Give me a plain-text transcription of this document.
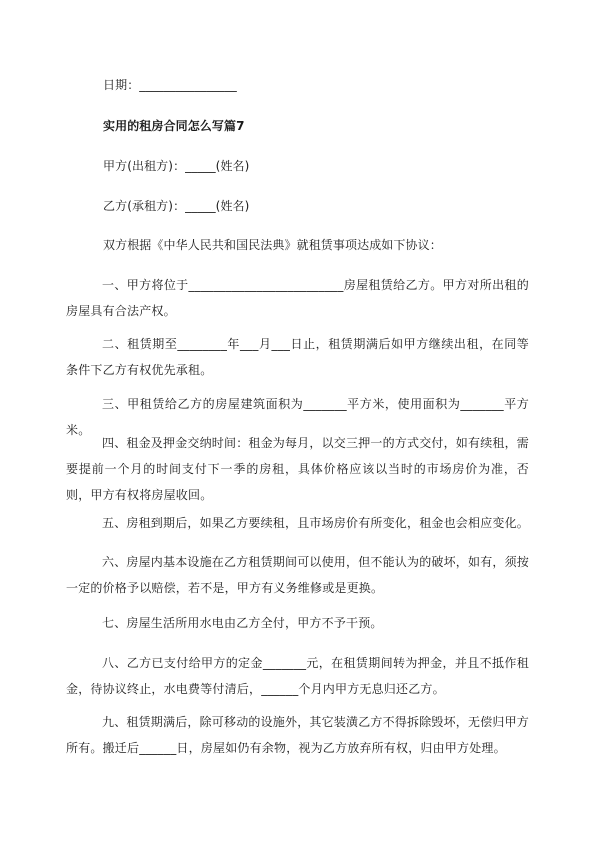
日期：________________
实用的租房合同怎么写篇7
甲方(出租方)：_____(姓名)
乙方(承租方)：_____(姓名)
双方根据《中华人民共和国民法典》就租赁事项达成如下协议：
一、甲方将位于_________________________房屋租赁给乙方。甲方对所出租的房屋具有合法产权。
二、租赁期至________年___月___日止，租赁期满后如甲方继续出租，在同等条件下乙方有权优先承租。
三、甲租赁给乙方的房屋建筑面积为_______平方米，使用面积为_______平方米。
四、租金及押金交纳时间：租金为每月，以交三押一的方式交付，如有续租，需要提前一个月的时间支付下一季的房租，具体价格应该以当时的市场房价为准，否则，甲方有权将房屋收回。
五、房租到期后，如果乙方要续租，且市场房价有所变化，租金也会相应变化。
六、房屋内基本设施在乙方租赁期间可以使用，但不能认为的破坏，如有，须按一定的价格予以赔偿，若不是，甲方有义务维修或是更换。
七、房屋生活所用水电由乙方全付，甲方不予干预。
八、乙方已支付给甲方的定金_______元，在租赁期间转为押金，并且不抵作租金，待协议终止，水电费等付清后，______个月内甲方无息归还乙方。
九、租赁期满后，除可移动的设施外，其它装潢乙方不得拆除毁坏，无偿归甲方所有。搬迁后______日，房屋如仍有余物，视为乙方放弃所有权，归由甲方处理。
